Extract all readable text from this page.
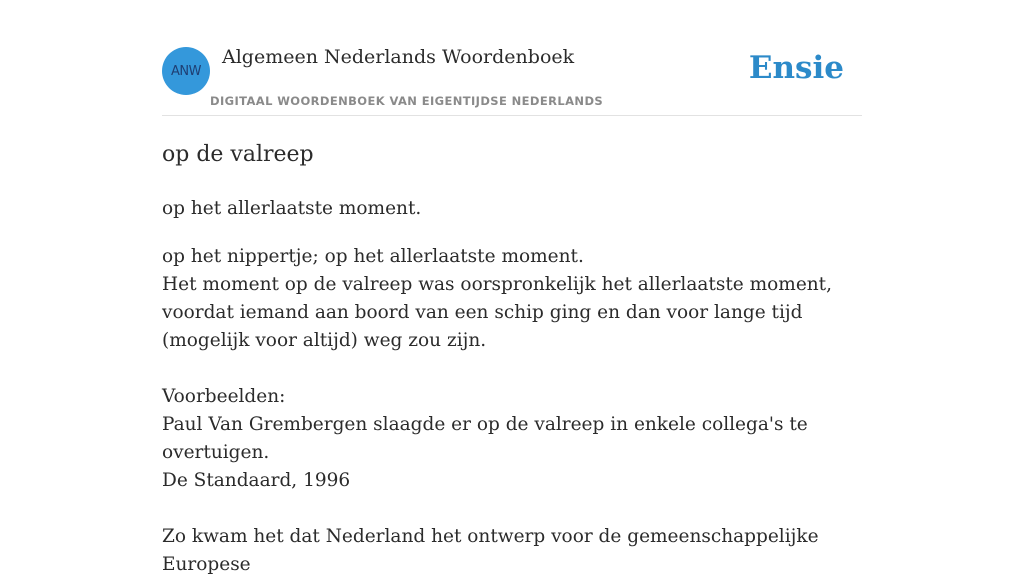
ANW
Algemeen Nederlands Woordenboek
DIGITAAL WOORDENBOEK VAN EIGENTIJDSE NEDERLANDS
Ensie
op de valreep

op het allerlaatste moment.

op het nippertje; op het allerlaatste moment.
Het moment op de valreep was oorspronkelijk het allerlaatste moment, voordat iemand aan boord van een schip ging en dan voor lange tijd (mogelijk voor altijd) weg zou zijn.

Voorbeelden:
Paul Van Grembergen slaagde er op de valreep in enkele collega's te overtuigen.
De Standaard, 1996

Zo kwam het dat Nederland het ontwerp voor de gemeenschappelijke Europese
